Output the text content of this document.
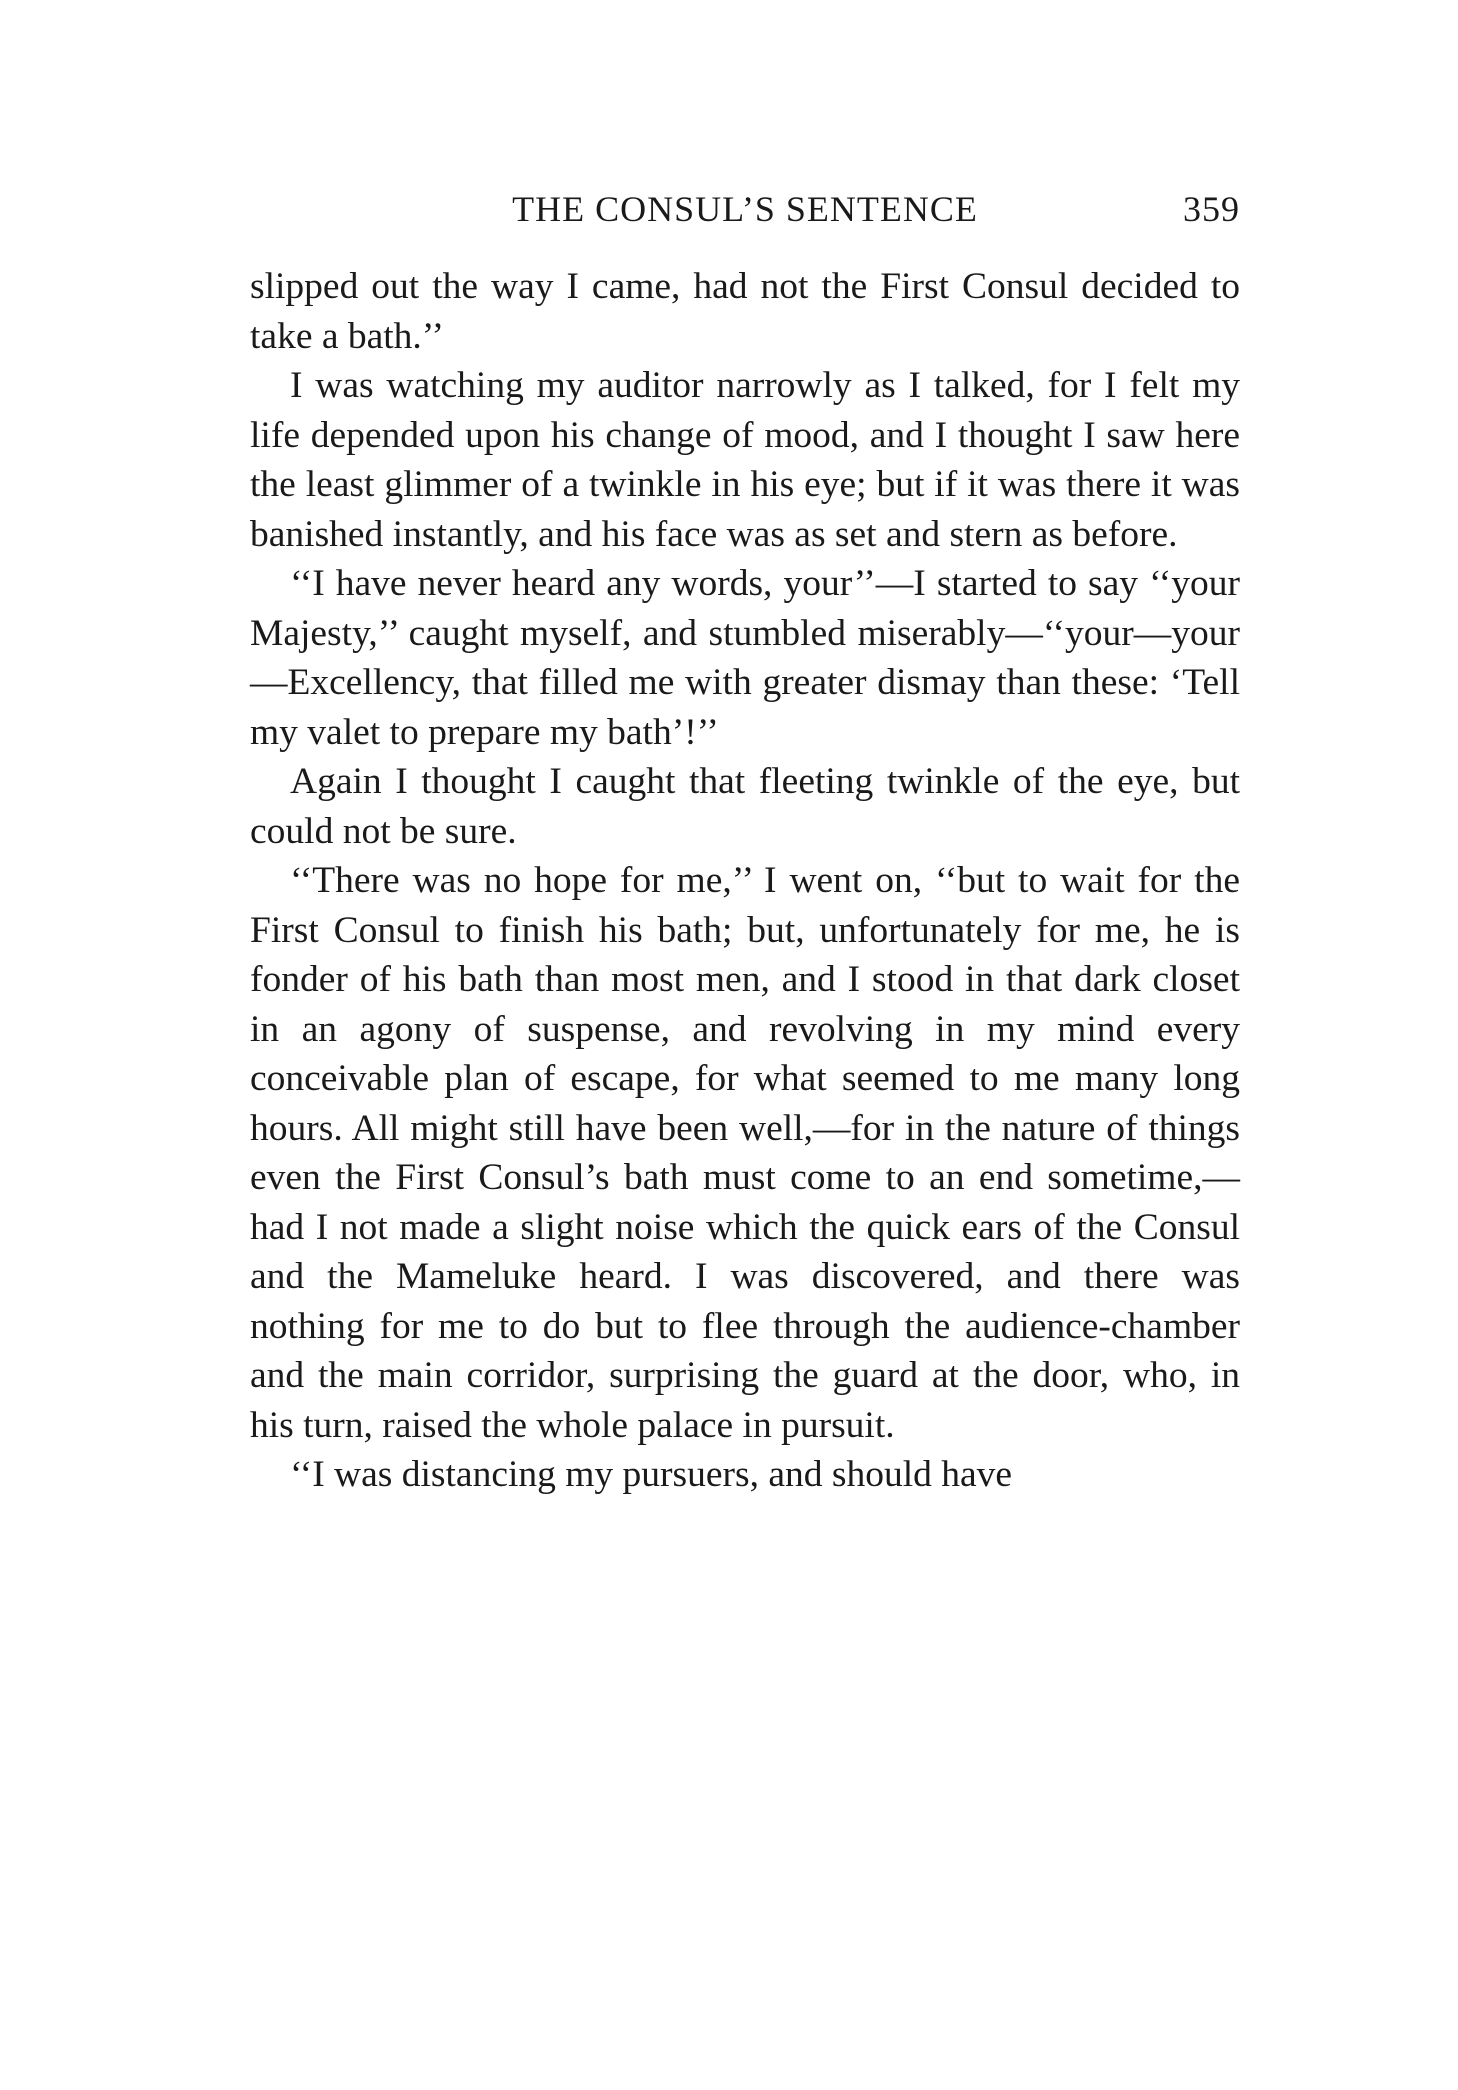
THE CONSUL’S SENTENCE	359

slipped out the way I came, had not the First Consul decided to take a bath.’’

I was watching my auditor narrowly as I talked, for I felt my life depended upon his change of mood, and I thought I saw here the least glimmer of a twinkle in his eye; but if it was there it was banished instantly, and his face was as set and stern as before.

‘‘I have never heard any words, your’’—I started to say ‘‘your Majesty,’’ caught myself, and stumbled miserably—‘‘your—your—Excellency, that filled me with greater dismay than these: ‘Tell my valet to prepare my bath’!’’

Again I thought I caught that fleeting twinkle of the eye, but could not be sure.

‘‘There was no hope for me,’’ I went on, ‘‘but to wait for the First Consul to finish his bath; but, unfortunately for me, he is fonder of his bath than most men, and I stood in that dark closet in an agony of suspense, and revolving in my mind every conceivable plan of escape, for what seemed to me many long hours. All might still have been well,—for in the nature of things even the First Consul’s bath must come to an end sometime,—had I not made a slight noise which the quick ears of the Consul and the Mameluke heard. I was discovered, and there was nothing for me to do but to flee through the audience-chamber and the main corridor, surprising the guard at the door, who, in his turn, raised the whole palace in pursuit.

‘‘I was distancing my pursuers, and should have
